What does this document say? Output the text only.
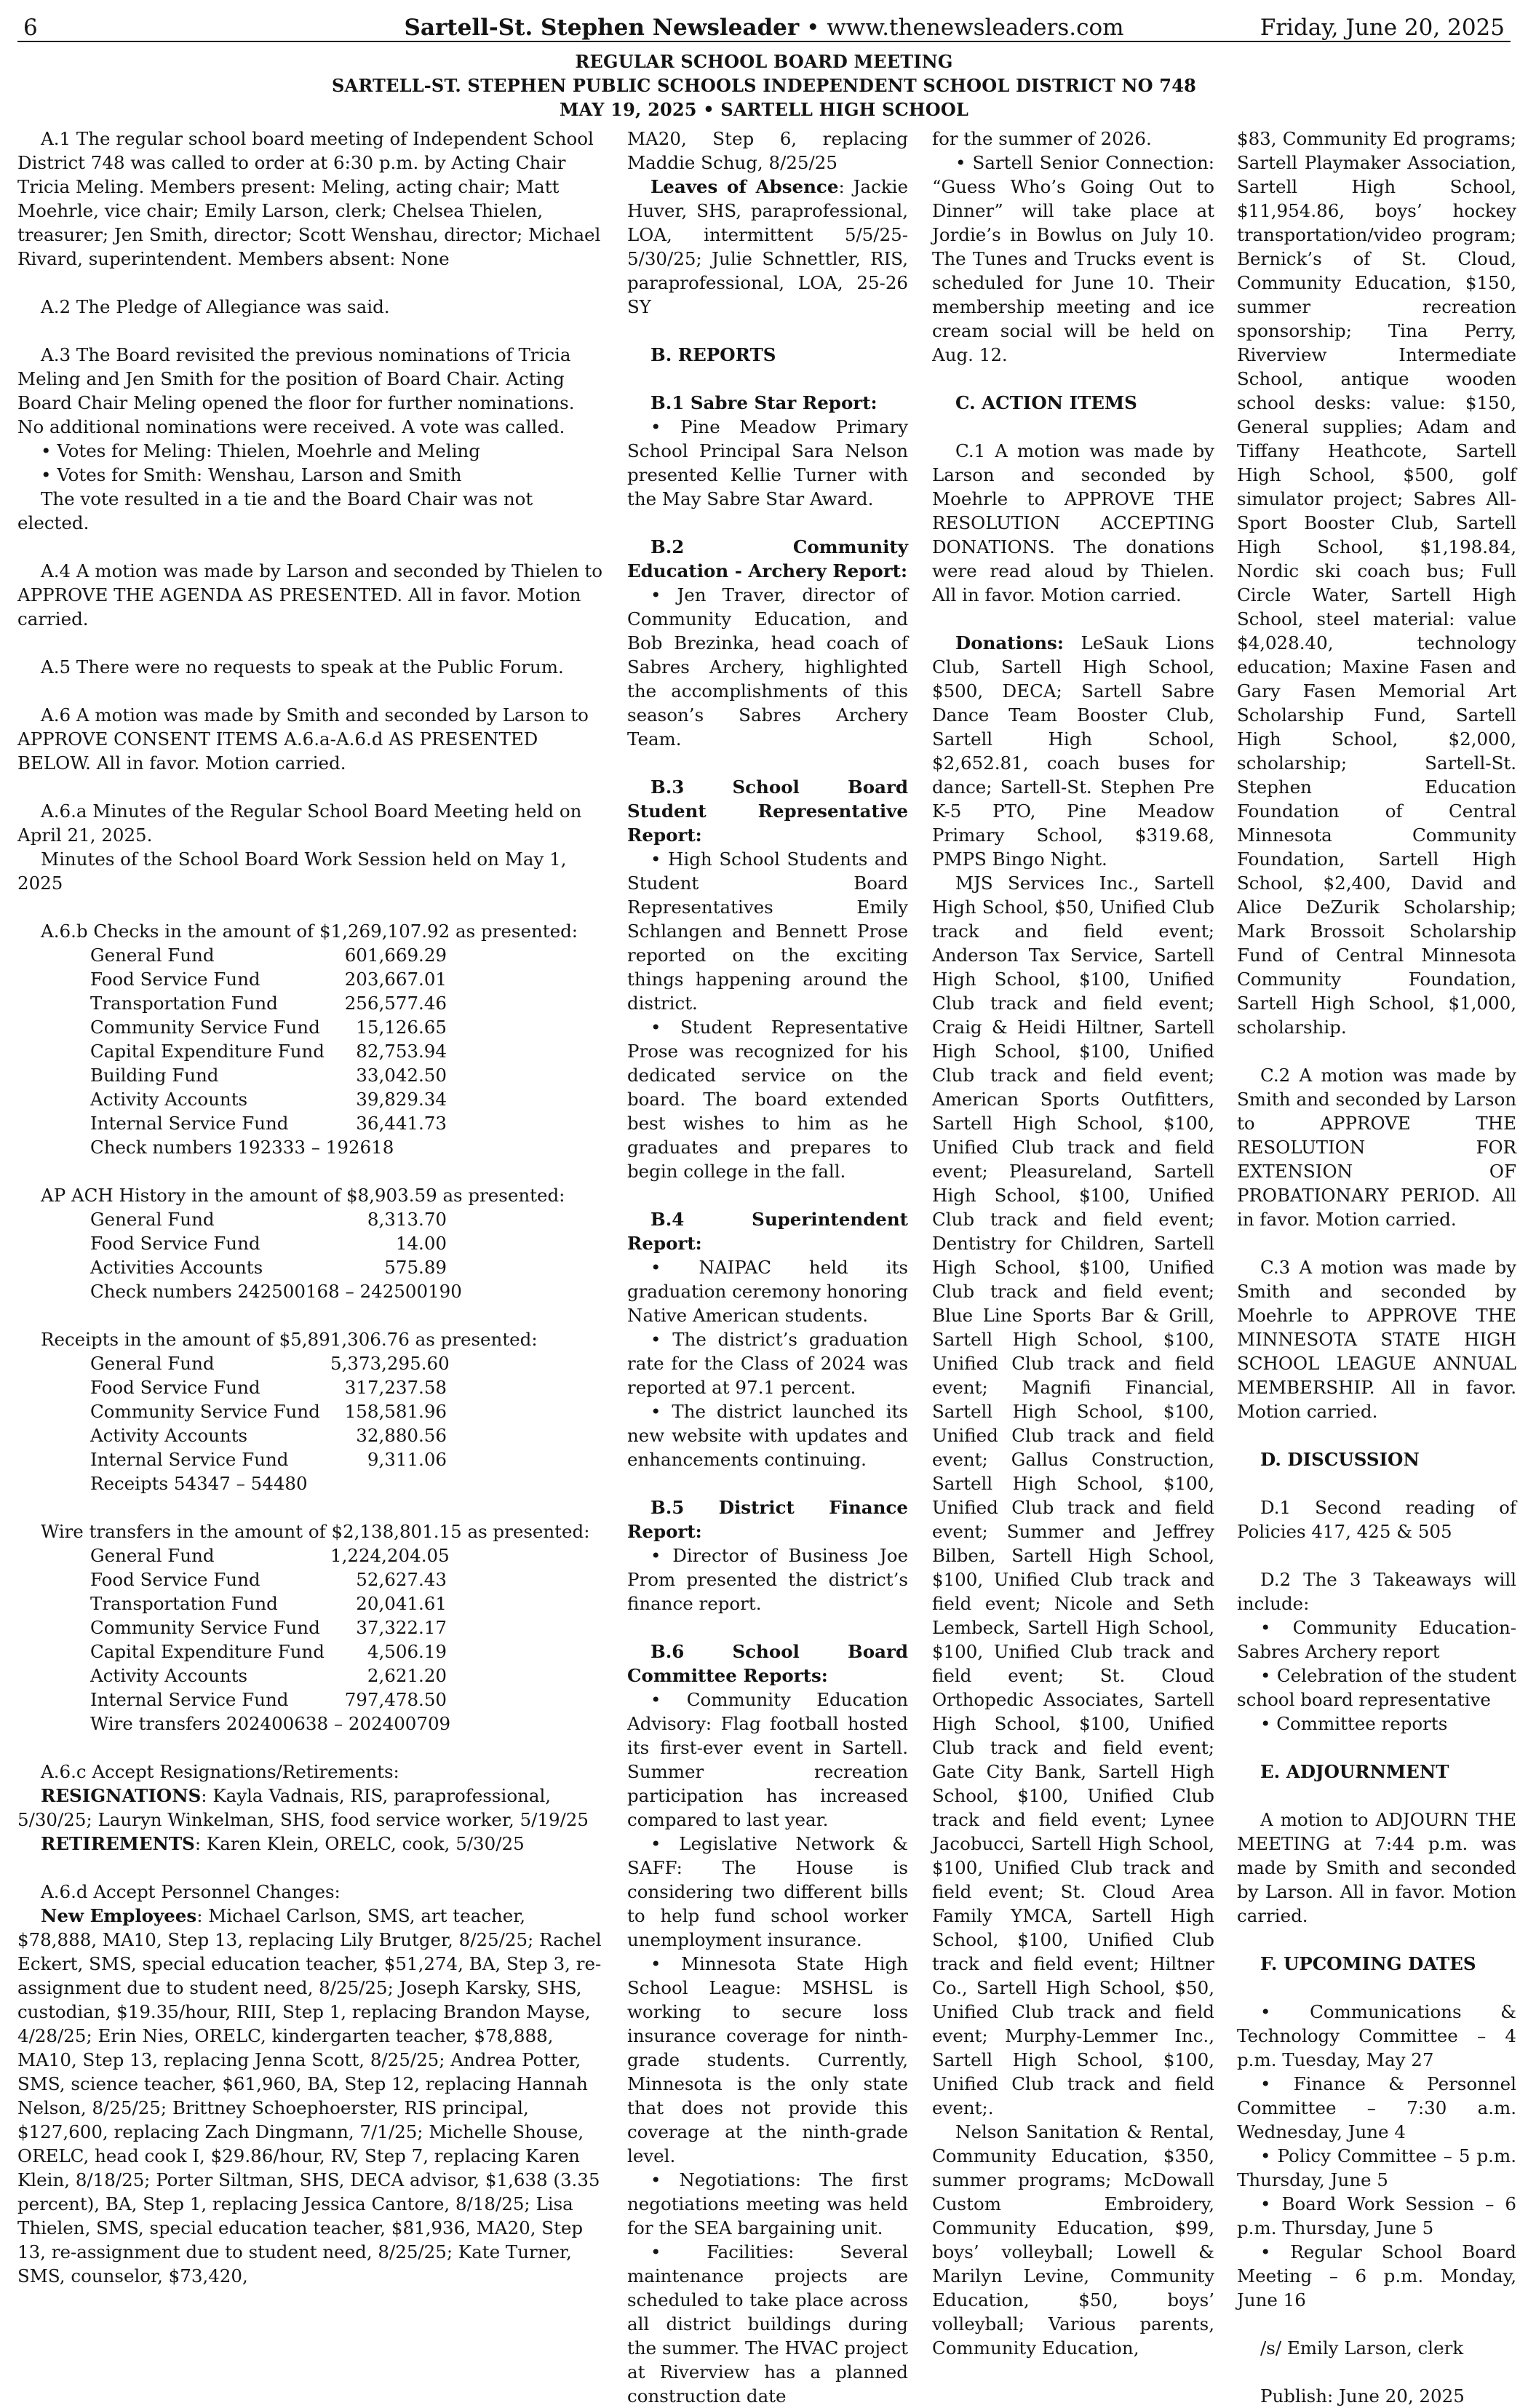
6	Sartell-St. Stephen Newsleader • www.thenewsleaders.com	Friday, June 20, 2025
REGULAR SCHOOL BOARD MEETING
SARTELL-ST. STEPHEN PUBLIC SCHOOLS INDEPENDENT SCHOOL DISTRICT NO 748
MAY 19, 2025 • SARTELL HIGH SCHOOL

A.1 The regular school board meeting of Independent School District 748 was called to order at 6:30 p.m. by Acting Chair Tricia Meling. Members present: Meling, acting chair; Matt Moehrle, vice chair; Emily Larson, clerk; Chelsea Thielen, treasurer; Jen Smith, director; Scott Wenshau, director; Michael Rivard, superintendent. Members absent: None

A.2 The Pledge of Allegiance was said.

A.3 The Board revisited the previous nominations of Tricia Meling and Jen Smith for the position of Board Chair. Acting Board Chair Meling opened the floor for further nominations. No additional nominations were received. A vote was called.

• Votes for Meling: Thielen, Moehrle and Meling

• Votes for Smith: Wenshau, Larson and Smith

The vote resulted in a tie and the Board Chair was not elected.

A.4 A motion was made by Larson and seconded by Thielen to APPROVE THE AGENDA AS PRESENTED. All in favor. Motion carried.

A.5 There were no requests to speak at the Public Forum.

A.6 A motion was made by Smith and seconded by Larson to APPROVE CONSENT ITEMS A.6.a-A.6.d AS PRESENTED BELOW. All in favor. Motion carried.

A.6.a Minutes of the Regular School Board Meeting held on April 21, 2025.

Minutes of the School Board Work Session held on May 1, 2025

A.6.b Checks in the amount of $1,269,107.92 as presented:

General Fund	601,669.29
Food Service Fund	203,667.01
Transportation Fund	256,577.46
Community Service Fund	15,126.65
Capital Expenditure Fund	82,753.94
Building Fund	33,042.50
Activity Accounts	39,829.34
Internal Service Fund	36,441.73

Check numbers 192333 – 192618

AP ACH History in the amount of $8,903.59 as presented:

General Fund	8,313.70
Food Service Fund	14.00
Activities Accounts	575.89

Check numbers 242500168 – 242500190

Receipts in the amount of $5,891,306.76 as presented:

General Fund	5,373,295.60
Food Service Fund	317,237.58
Community Service Fund	158,581.96
Activity Accounts	32,880.56
Internal Service Fund	9,311.06

Receipts 54347 – 54480

Wire transfers in the amount of $2,138,801.15 as presented:

General Fund	1,224,204.05
Food Service Fund	52,627.43
Transportation Fund	20,041.61
Community Service Fund	37,322.17
Capital Expenditure Fund	4,506.19
Activity Accounts	2,621.20
Internal Service Fund	797,478.50

Wire transfers 202400638 – 202400709

A.6.c Accept Resignations/Retirements:

RESIGNATIONS: Kayla Vadnais, RIS, paraprofessional, 5/30/25; Lauryn Winkelman, SHS, food service worker, 5/19/25

RETIREMENTS: Karen Klein, ORELC, cook, 5/30/25

A.6.d Accept Personnel Changes:

New Employees: Michael Carlson, SMS, art teacher, $78,888, MA10, Step 13, replacing Lily Brutger, 8/25/25; Rachel Eckert, SMS, special education teacher, $51,274, BA, Step 3, re-assignment due to student need, 8/25/25; Joseph Karsky, SHS, custodian, $19.35/hour, RIII, Step 1, replacing Brandon Mayse, 4/28/25; Erin Nies, ORELC, kindergarten teacher, $78,888, MA10, Step 13, replacing Jenna Scott, 8/25/25; Andrea Potter, SMS, science teacher, $61,960, BA, Step 12, replacing Hannah Nelson, 8/25/25; Brittney Schoephoerster, RIS principal, $127,600, replacing Zach Dingmann, 7/1/25; Michelle Shouse, ORELC, head cook I, $29.86/hour, RV, Step 7, replacing Karen Klein, 8/18/25; Porter Siltman, SHS, DECA advisor, $1,638 (3.35 percent), BA, Step 1, replacing Jessica Cantore, 8/18/25; Lisa Thielen, SMS, special education teacher, $81,936, MA20, Step 13, re-assignment due to student need, 8/25/25; Kate Turner, SMS, counselor, $73,420,

MA20, Step 6, replacing Maddie Schug, 8/25/25

Leaves of Absence: Jackie Huver, SHS, paraprofessional, LOA, intermittent 5/5/25-5/30/25; Julie Schnettler, RIS, paraprofessional, LOA, 25-26 SY

B. REPORTS

B.1 Sabre Star Report:

• Pine Meadow Primary School Principal Sara Nelson presented Kellie Turner with the May Sabre Star Award.

B.2 Community Education - Archery Report:

• Jen Traver, director of Community Education, and Bob Brezinka, head coach of Sabres Archery, highlighted the accomplishments of this season’s Sabres Archery Team.

B.3 School Board Student Representative Report:

• High School Students and Student Board Representatives Emily Schlangen and Bennett Prose reported on the exciting things happening around the district.

• Student Representative Prose was recognized for his dedicated service on the board. The board extended best wishes to him as he graduates and prepares to begin college in the fall.

B.4 Superintendent Report:

• NAIPAC held its graduation ceremony honoring Native American students.

• The district’s graduation rate for the Class of 2024 was reported at 97.1 percent.

• The district launched its new website with updates and enhancements continuing.

B.5 District Finance Report:

• Director of Business Joe Prom presented the district’s finance report.

B.6 School Board Committee Reports:

• Community Education Advisory: Flag football hosted its first-ever event in Sartell. Summer recreation participation has increased compared to last year.

• Legislative Network & SAFF: The House is considering two different bills to help fund school worker unemployment insurance.

• Minnesota State High School League: MSHSL is working to secure loss insurance coverage for ninth-grade students. Currently, Minnesota is the only state that does not provide this coverage at the ninth-grade level.

• Negotiations: The first negotiations meeting was held for the SEA bargaining unit.

• Facilities: Several maintenance projects are scheduled to take place across all district buildings during the summer. The HVAC project at Riverview has a planned construction date

for the summer of 2026.

• Sartell Senior Connection: “Guess Who’s Going Out to Dinner” will take place at Jordie’s in Bowlus on July 10. The Tunes and Trucks event is scheduled for June 10. Their membership meeting and ice cream social will be held on Aug. 12.

C. ACTION ITEMS

C.1 A motion was made by Larson and seconded by Moehrle to APPROVE THE RESOLUTION ACCEPTING DONATIONS. The donations were read aloud by Thielen. All in favor. Motion carried.

Donations: LeSauk Lions Club, Sartell High School, $500, DECA; Sartell Sabre Dance Team Booster Club, Sartell High School, $2,652.81, coach buses for dance; Sartell-St. Stephen Pre K-5 PTO, Pine Meadow Primary School, $319.68, PMPS Bingo Night.

MJS Services Inc., Sartell High School, $50, Unified Club track and field event; Anderson Tax Service, Sartell High School, $100, Unified Club track and field event; Craig & Heidi Hiltner, Sartell High School, $100, Unified Club track and field event; American Sports Outfitters, Sartell High School, $100, Unified Club track and field event; Pleasureland, Sartell High School, $100, Unified Club track and field event; Dentistry for Children, Sartell High School, $100, Unified Club track and field event; Blue Line Sports Bar & Grill, Sartell High School, $100, Unified Club track and field event; Magnifi Financial, Sartell High School, $100, Unified Club track and field event; Gallus Construction, Sartell High School, $100, Unified Club track and field event; Summer and Jeffrey Bilben, Sartell High School, $100, Unified Club track and field event; Nicole and Seth Lembeck, Sartell High School, $100, Unified Club track and field event; St. Cloud Orthopedic Associates, Sartell High School, $100, Unified Club track and field event; Gate City Bank, Sartell High School, $100, Unified Club track and field event; Lynee Jacobucci, Sartell High School, $100, Unified Club track and field event; St. Cloud Area Family YMCA, Sartell High School, $100, Unified Club track and field event; Hiltner Co., Sartell High School, $50, Unified Club track and field event; Murphy-Lemmer Inc., Sartell High School, $100, Unified Club track and field event;.

Nelson Sanitation & Rental, Community Education, $350, summer programs; McDowall Custom Embroidery, Community Education, $99, boys’ volleyball; Lowell & Marilyn Levine, Community Education, $50, boys’ volleyball; Various parents, Community Education,

$83, Community Ed programs; Sartell Playmaker Association, Sartell High School, $11,954.86, boys’ hockey transportation/video program; Bernick’s of St. Cloud, Community Education, $150, summer recreation sponsorship; Tina Perry, Riverview Intermediate School, antique wooden school desks: value: $150, General supplies; Adam and Tiffany Heathcote, Sartell High School, $500, golf simulator project; Sabres All-Sport Booster Club, Sartell High School, $1,198.84, Nordic ski coach bus; Full Circle Water, Sartell High School, steel material: value $4,028.40, technology education; Maxine Fasen and Gary Fasen Memorial Art Scholarship Fund, Sartell High School, $2,000, scholarship; Sartell-St. Stephen Education Foundation of Central Minnesota Community Foundation, Sartell High School, $2,400, David and Alice DeZurik Scholarship; Mark Brossoit Scholarship Fund of Central Minnesota Community Foundation, Sartell High School, $1,000, scholarship.

C.2 A motion was made by Smith and seconded by Larson to APPROVE THE RESOLUTION FOR EXTENSION OF PROBATIONARY PERIOD. All in favor. Motion carried.

C.3 A motion was made by Smith and seconded by Moehrle to APPROVE THE MINNESOTA STATE HIGH SCHOOL LEAGUE ANNUAL MEMBERSHIP. All in favor. Motion carried.

D. DISCUSSION

D.1 Second reading of Policies 417, 425 & 505

D.2 The 3 Takeaways will include:

• Community Education-Sabres Archery report

• Celebration of the student school board representative

• Committee reports

E. ADJOURNMENT

A motion to ADJOURN THE MEETING at 7:44 p.m. was made by Smith and seconded by Larson. All in favor. Motion carried.

F. UPCOMING DATES

• Communications & Technology Committee – 4 p.m. Tuesday, May 27

• Finance & Personnel Committee – 7:30 a.m. Wednesday, June 4

• Policy Committee – 5 p.m. Thursday, June 5

• Board Work Session – 6 p.m. Thursday, June 5

• Regular School Board Meeting – 6 p.m. Monday, June 16

/s/ Emily Larson, clerk

Publish: June 20, 2025
